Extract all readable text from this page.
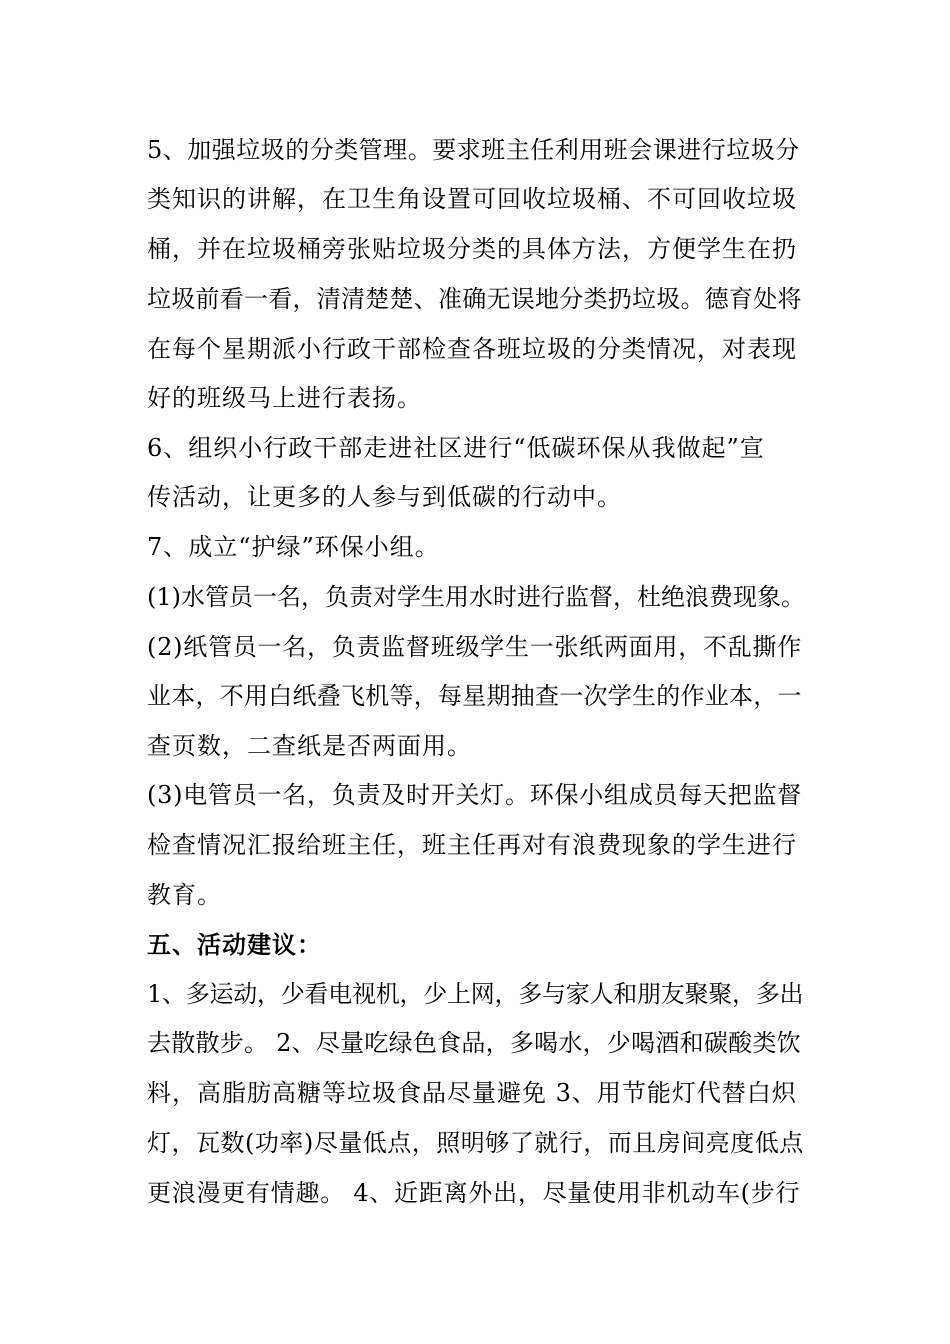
5、加强垃圾的分类管理。要求班主任利用班会课进行垃圾分
类知识的讲解，在卫生角设置可回收垃圾桶、不可回收垃圾
桶，并在垃圾桶旁张贴垃圾分类的具体方法，方便学生在扔
垃圾前看一看，清清楚楚、准确无误地分类扔垃圾。德育处将
在每个星期派小行政干部检查各班垃圾的分类情况，对表现
好的班级马上进行表扬。
6、组织小行政干部走进社区进行“低碳环保从我做起”宣
传活动，让更多的人参与到低碳的行动中。
7、成立“护绿”环保小组。
(1)水管员一名，负责对学生用水时进行监督，杜绝浪费现象。
(2)纸管员一名，负责监督班级学生一张纸两面用，不乱撕作
业本，不用白纸叠飞机等，每星期抽查一次学生的作业本，一
查页数，二查纸是否两面用。
(3)电管员一名，负责及时开关灯。环保小组成员每天把监督
检查情况汇报给班主任，班主任再对有浪费现象的学生进行
教育。
五、活动建议：
1、多运动，少看电视机，少上网，多与家人和朋友聚聚，多出
去散散步。 2、尽量吃绿色食品，多喝水，少喝酒和碳酸类饮
料，高脂肪高糖等垃圾食品尽量避免 3、用节能灯代替白炽
灯，瓦数(功率)尽量低点，照明够了就行，而且房间亮度低点
更浪漫更有情趣。 4、近距离外出，尽量使用非机动车(步行
